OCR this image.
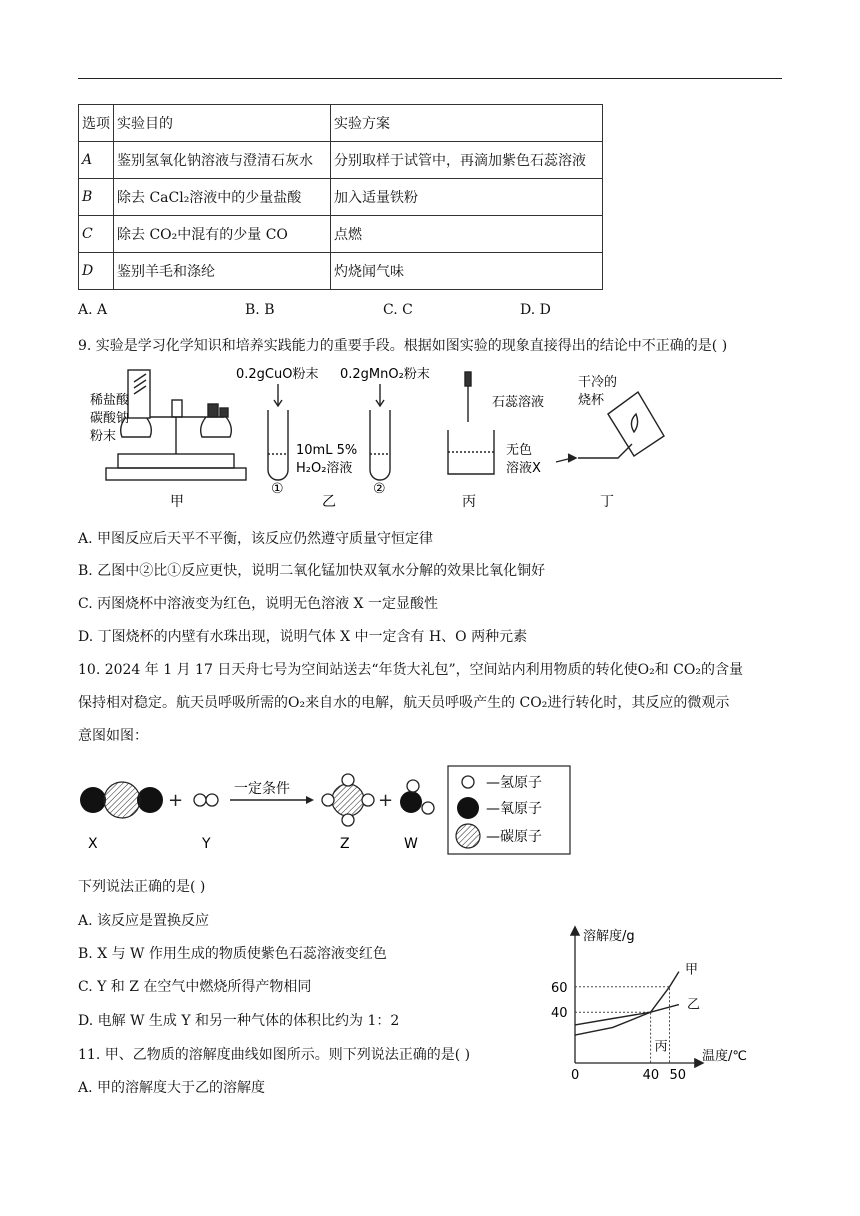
选项	实验目的	实验方案
A	鉴别氢氧化钠溶液与澄清石灰水	分别取样于试管中，再滴加紫色石蕊溶液
B	除去 CaCl₂溶液中的少量盐酸	加入适量铁粉
C	除去 CO₂中混有的少量 CO	点燃
D	鉴别羊毛和涤纶	灼烧闻气味
A. A	B. B	C. C	D. D
9. 实验是学习化学知识和培养实践能力的重要手段。根据如图实验的现象直接得出的结论中不正确的是( )
稀盐酸
碳酸钠
粉末
甲
0.2gCuO粉末 0.2gMnO₂粉末
10mL 5%
H₂O₂溶液
①	②
乙
石蕊溶液
无色
溶液X
丙
干冷的
烧杯
丁
A. 甲图反应后天平不平衡，该反应仍然遵守质量守恒定律
B. 乙图中②比①反应更快，说明二氧化锰加快双氧水分解的效果比氧化铜好
C. 丙图烧杯中溶液变为红色，说明无色溶液 X 一定显酸性
D. 丁图烧杯的内壁有水珠出现，说明气体 X 中一定含有 H、O 两种元素
10. 2024 年 1 月 17 日天舟七号为空间站送去“年货大礼包”，空间站内利用物质的转化使O₂和 CO₂的含量
保持相对稳定。航天员呼吸所需的O₂来自水的电解，航天员呼吸产生的 CO₂进行转化时，其反应的微观示
意图如图：
+
一定条件
+
X	Y	Z	W
—氢原子
—氧原子
—碳原子
下列说法正确的是( )
A. 该反应是置换反应
B. X 与 W 作用生成的物质使紫色石蕊溶液变红色
C. Y 和 Z 在空气中燃烧所得产物相同
D. 电解 W 生成 Y 和另一种气体的体积比约为 1：2
11. 甲、乙物质的溶解度曲线如图所示。则下列说法正确的是( )
A. 甲的溶解度大于乙的溶解度
溶解度/g
温度/℃
40
60
0	40 50
甲
乙
丙
